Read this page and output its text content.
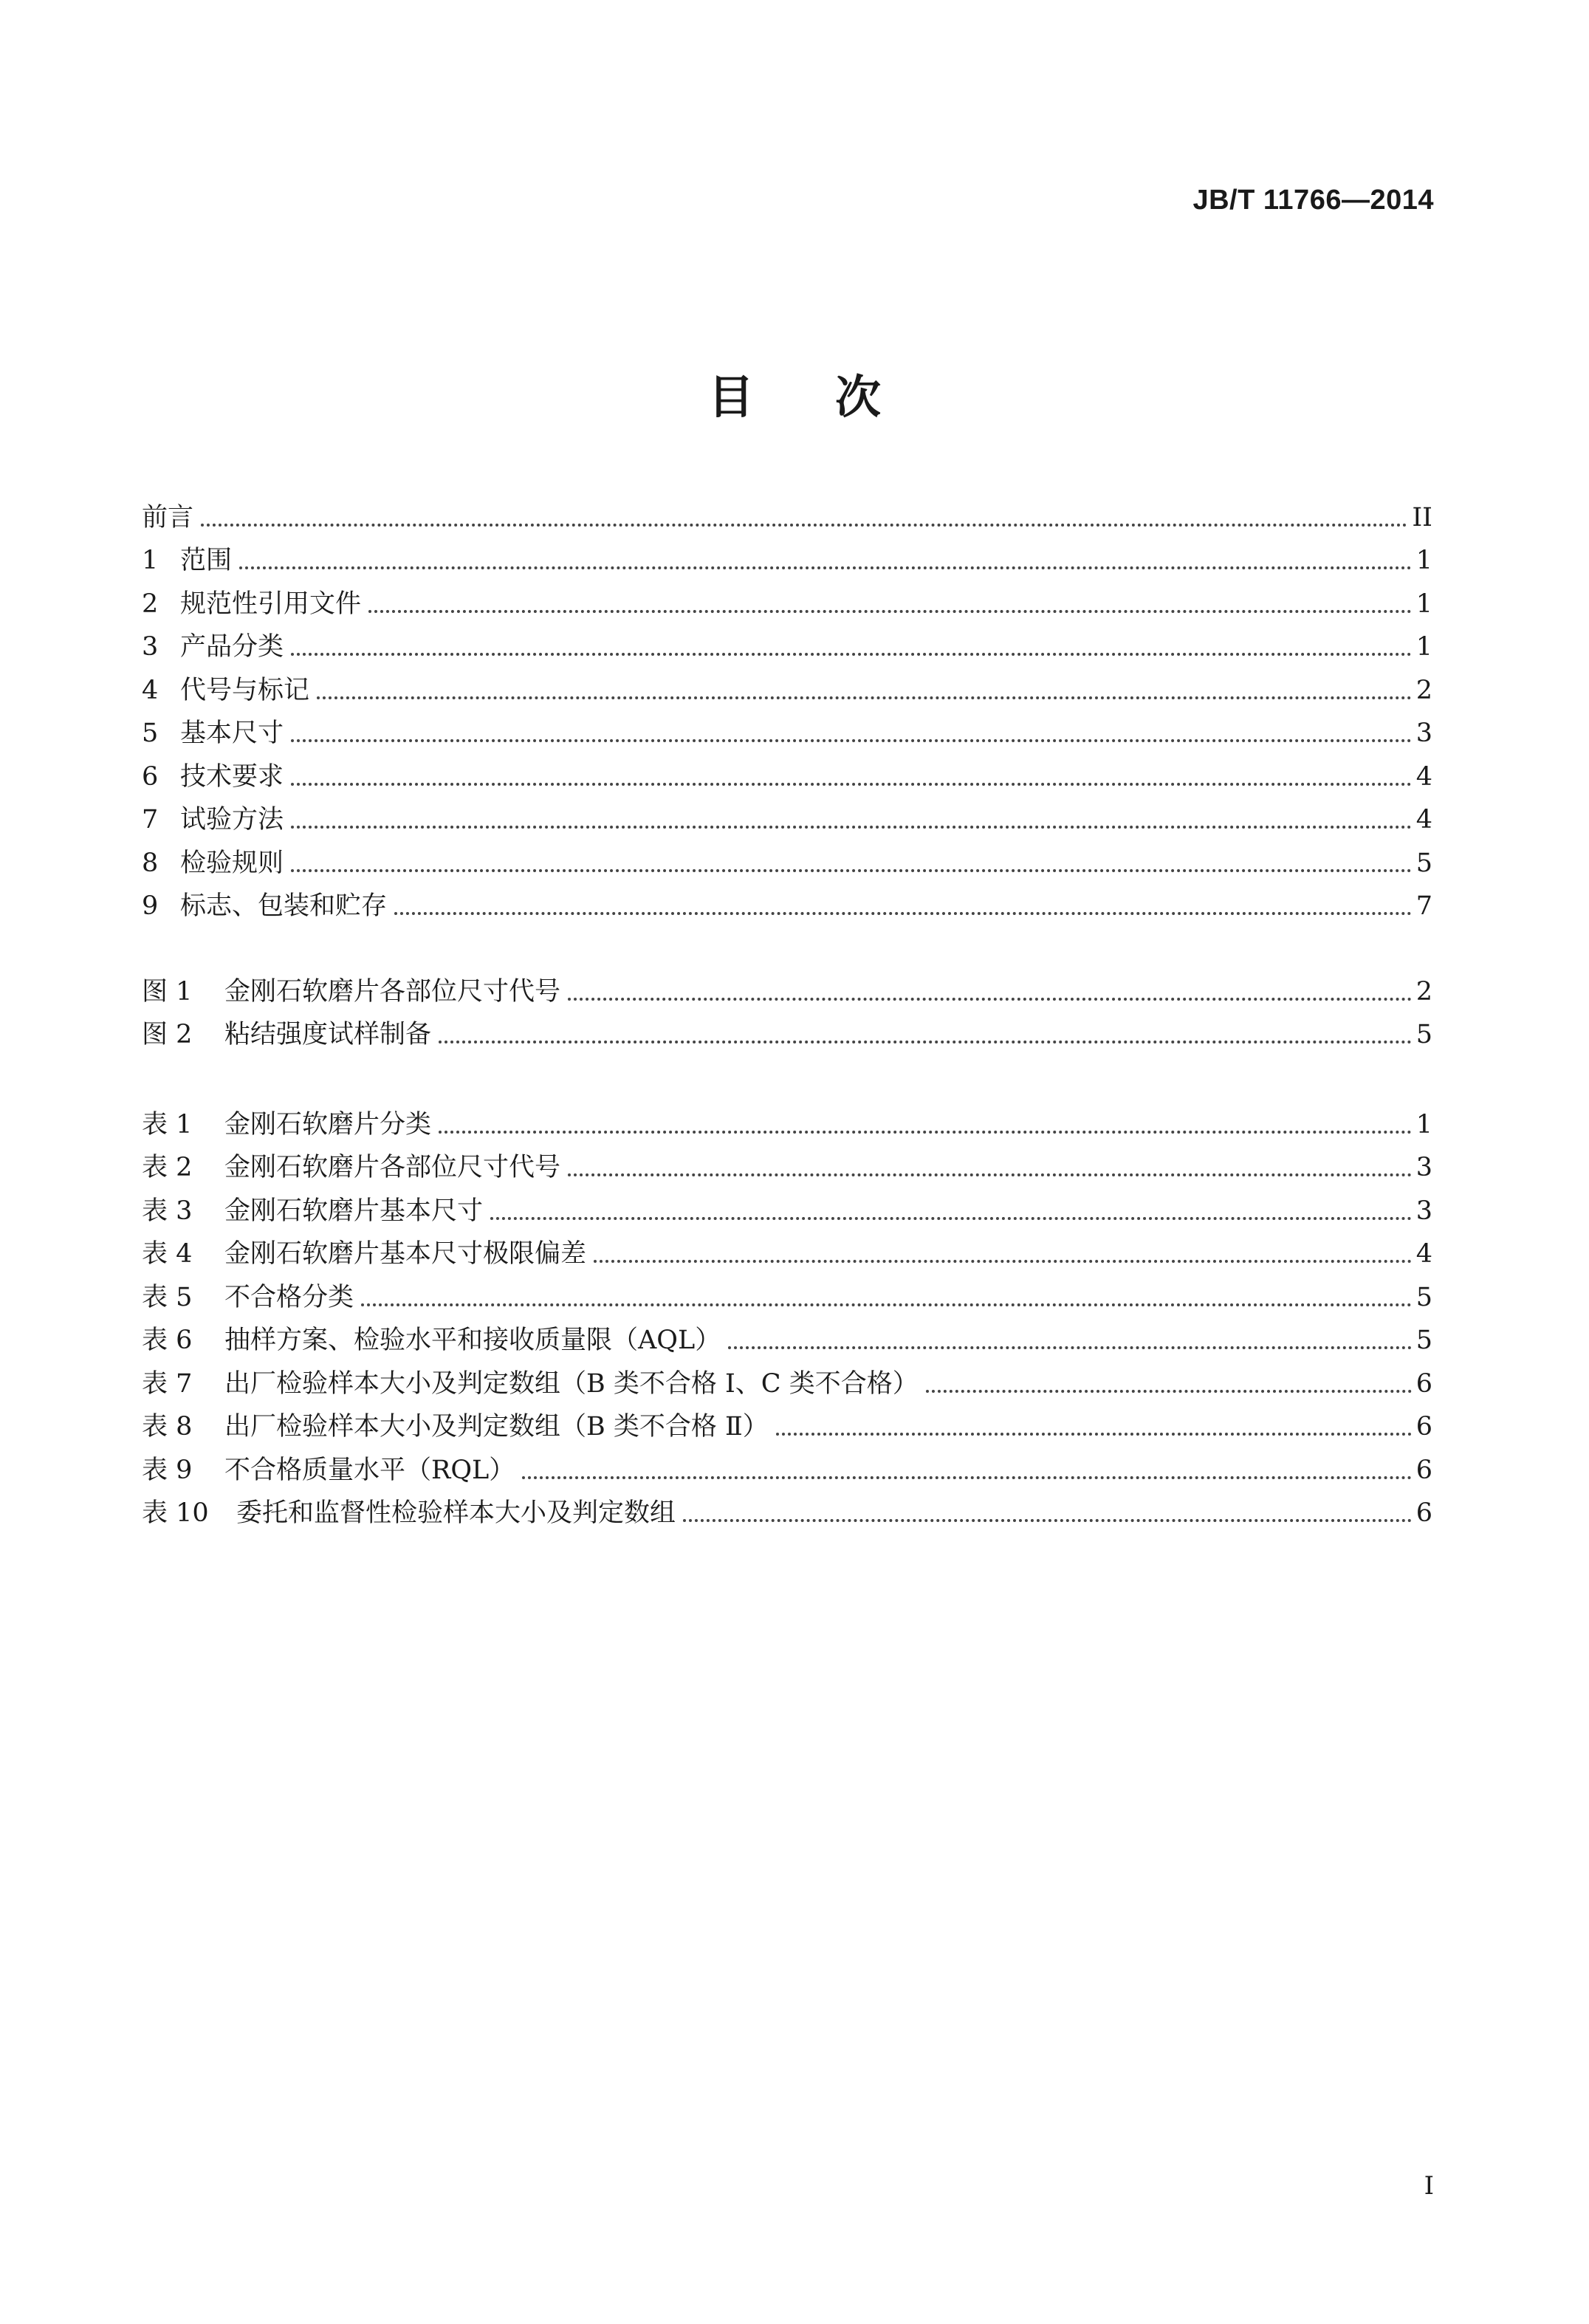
JB/T 11766—2014
目 次
前言	II
1 范围	1
2 规范性引用文件	1
3 产品分类	1
4 代号与标记	2
5 基本尺寸	3
6 技术要求	4
7 试验方法	4
8 检验规则	5
9 标志、包装和贮存	7
图 1	金刚石软磨片各部位尺寸代号	2
图 2	粘结强度试样制备	5
表 1	金刚石软磨片分类	1
表 2	金刚石软磨片各部位尺寸代号	3
表 3	金刚石软磨片基本尺寸	3
表 4	金刚石软磨片基本尺寸极限偏差	4
表 5	不合格分类	5
表 6	抽样方案、检验水平和接收质量限（AQL）	5
表 7	出厂检验样本大小及判定数组（B 类不合格 Ⅰ、C 类不合格）	6
表 8	出厂检验样本大小及判定数组（B 类不合格 Ⅱ）	6
表 9	不合格质量水平（RQL）	6
表 10	委托和监督性检验样本大小及判定数组	6
I
